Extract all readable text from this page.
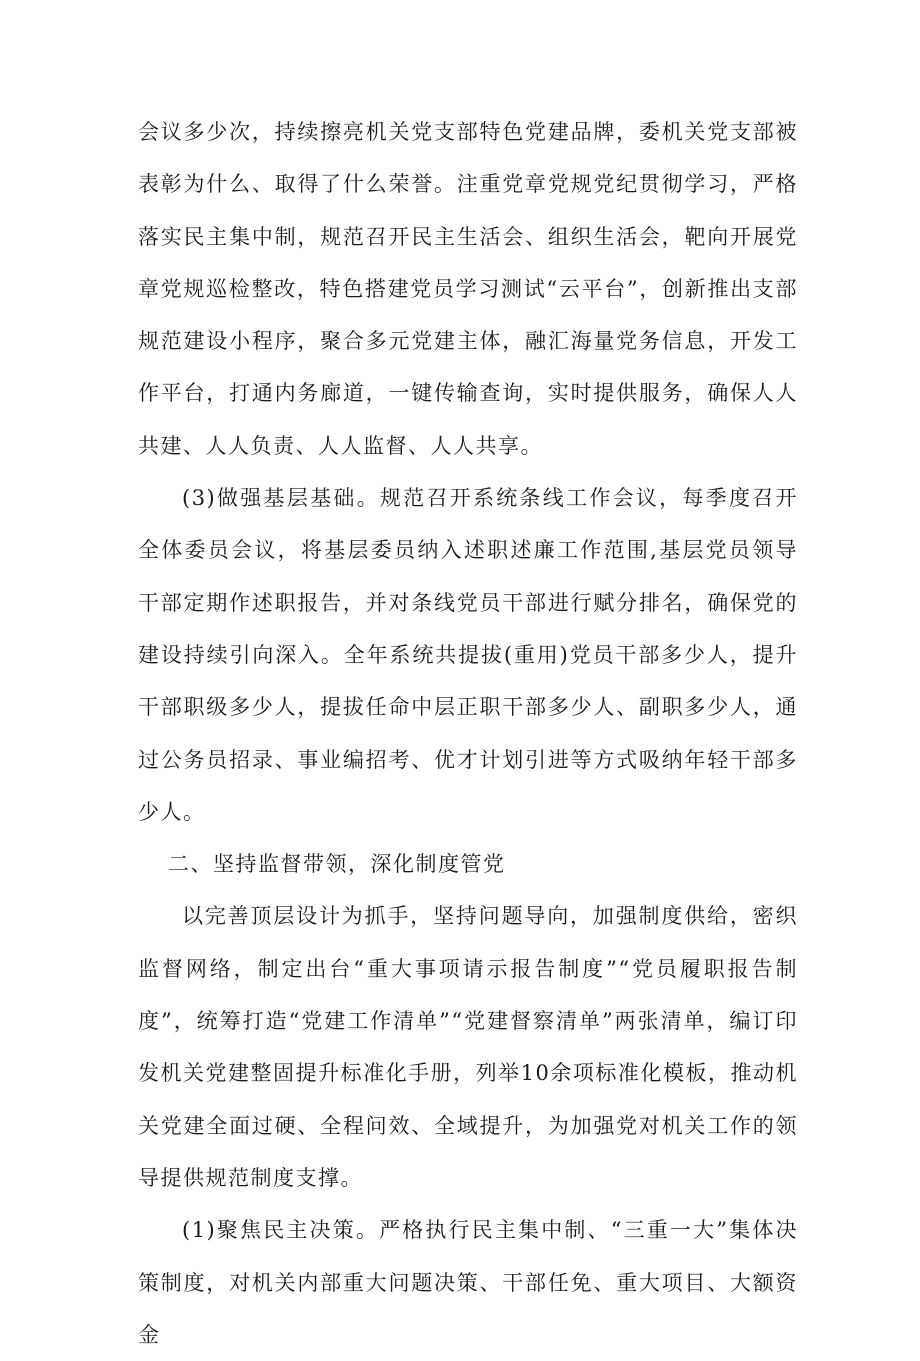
会议多少次，持续擦亮机关党支部特色党建品牌，委机关党支部被表彰为什么、取得了什么荣誉。注重党章党规党纪贯彻学习，严格落实民主集中制，规范召开民主生活会、组织生活会，靶向开展党章党规巡检整改，特色搭建党员学习测试“云平台”，创新推出支部规范建设小程序，聚合多元党建主体，融汇海量党务信息，开发工作平台，打通内务廊道，一键传输查询，实时提供服务，确保人人共建、人人负责、人人监督、人人共享。

(3)做强基层基础。规范召开系统条线工作会议，每季度召开全体委员会议，将基层委员纳入述职述廉工作范围,基层党员领导干部定期作述职报告，并对条线党员干部进行赋分排名，确保党的建设持续引向深入。全年系统共提拔(重用)党员干部多少人，提升干部职级多少人，提拔任命中层正职干部多少人、副职多少人，通过公务员招录、事业编招考、优才计划引进等方式吸纳年轻干部多少人。

二、坚持监督带领，深化制度管党

以完善顶层设计为抓手，坚持问题导向，加强制度供给，密织监督网络，制定出台“重大事项请示报告制度”“党员履职报告制度”，统筹打造“党建工作清单”“党建督察清单”两张清单，编订印发机关党建整固提升标准化手册，列举10余项标准化模板，推动机关党建全面过硬、全程问效、全域提升，为加强党对机关工作的领导提供规范制度支撑。

(1)聚焦民主决策。严格执行民主集中制、“三重一大”集体决策制度，对机关内部重大问题决策、干部任免、重大项目、大额资金
